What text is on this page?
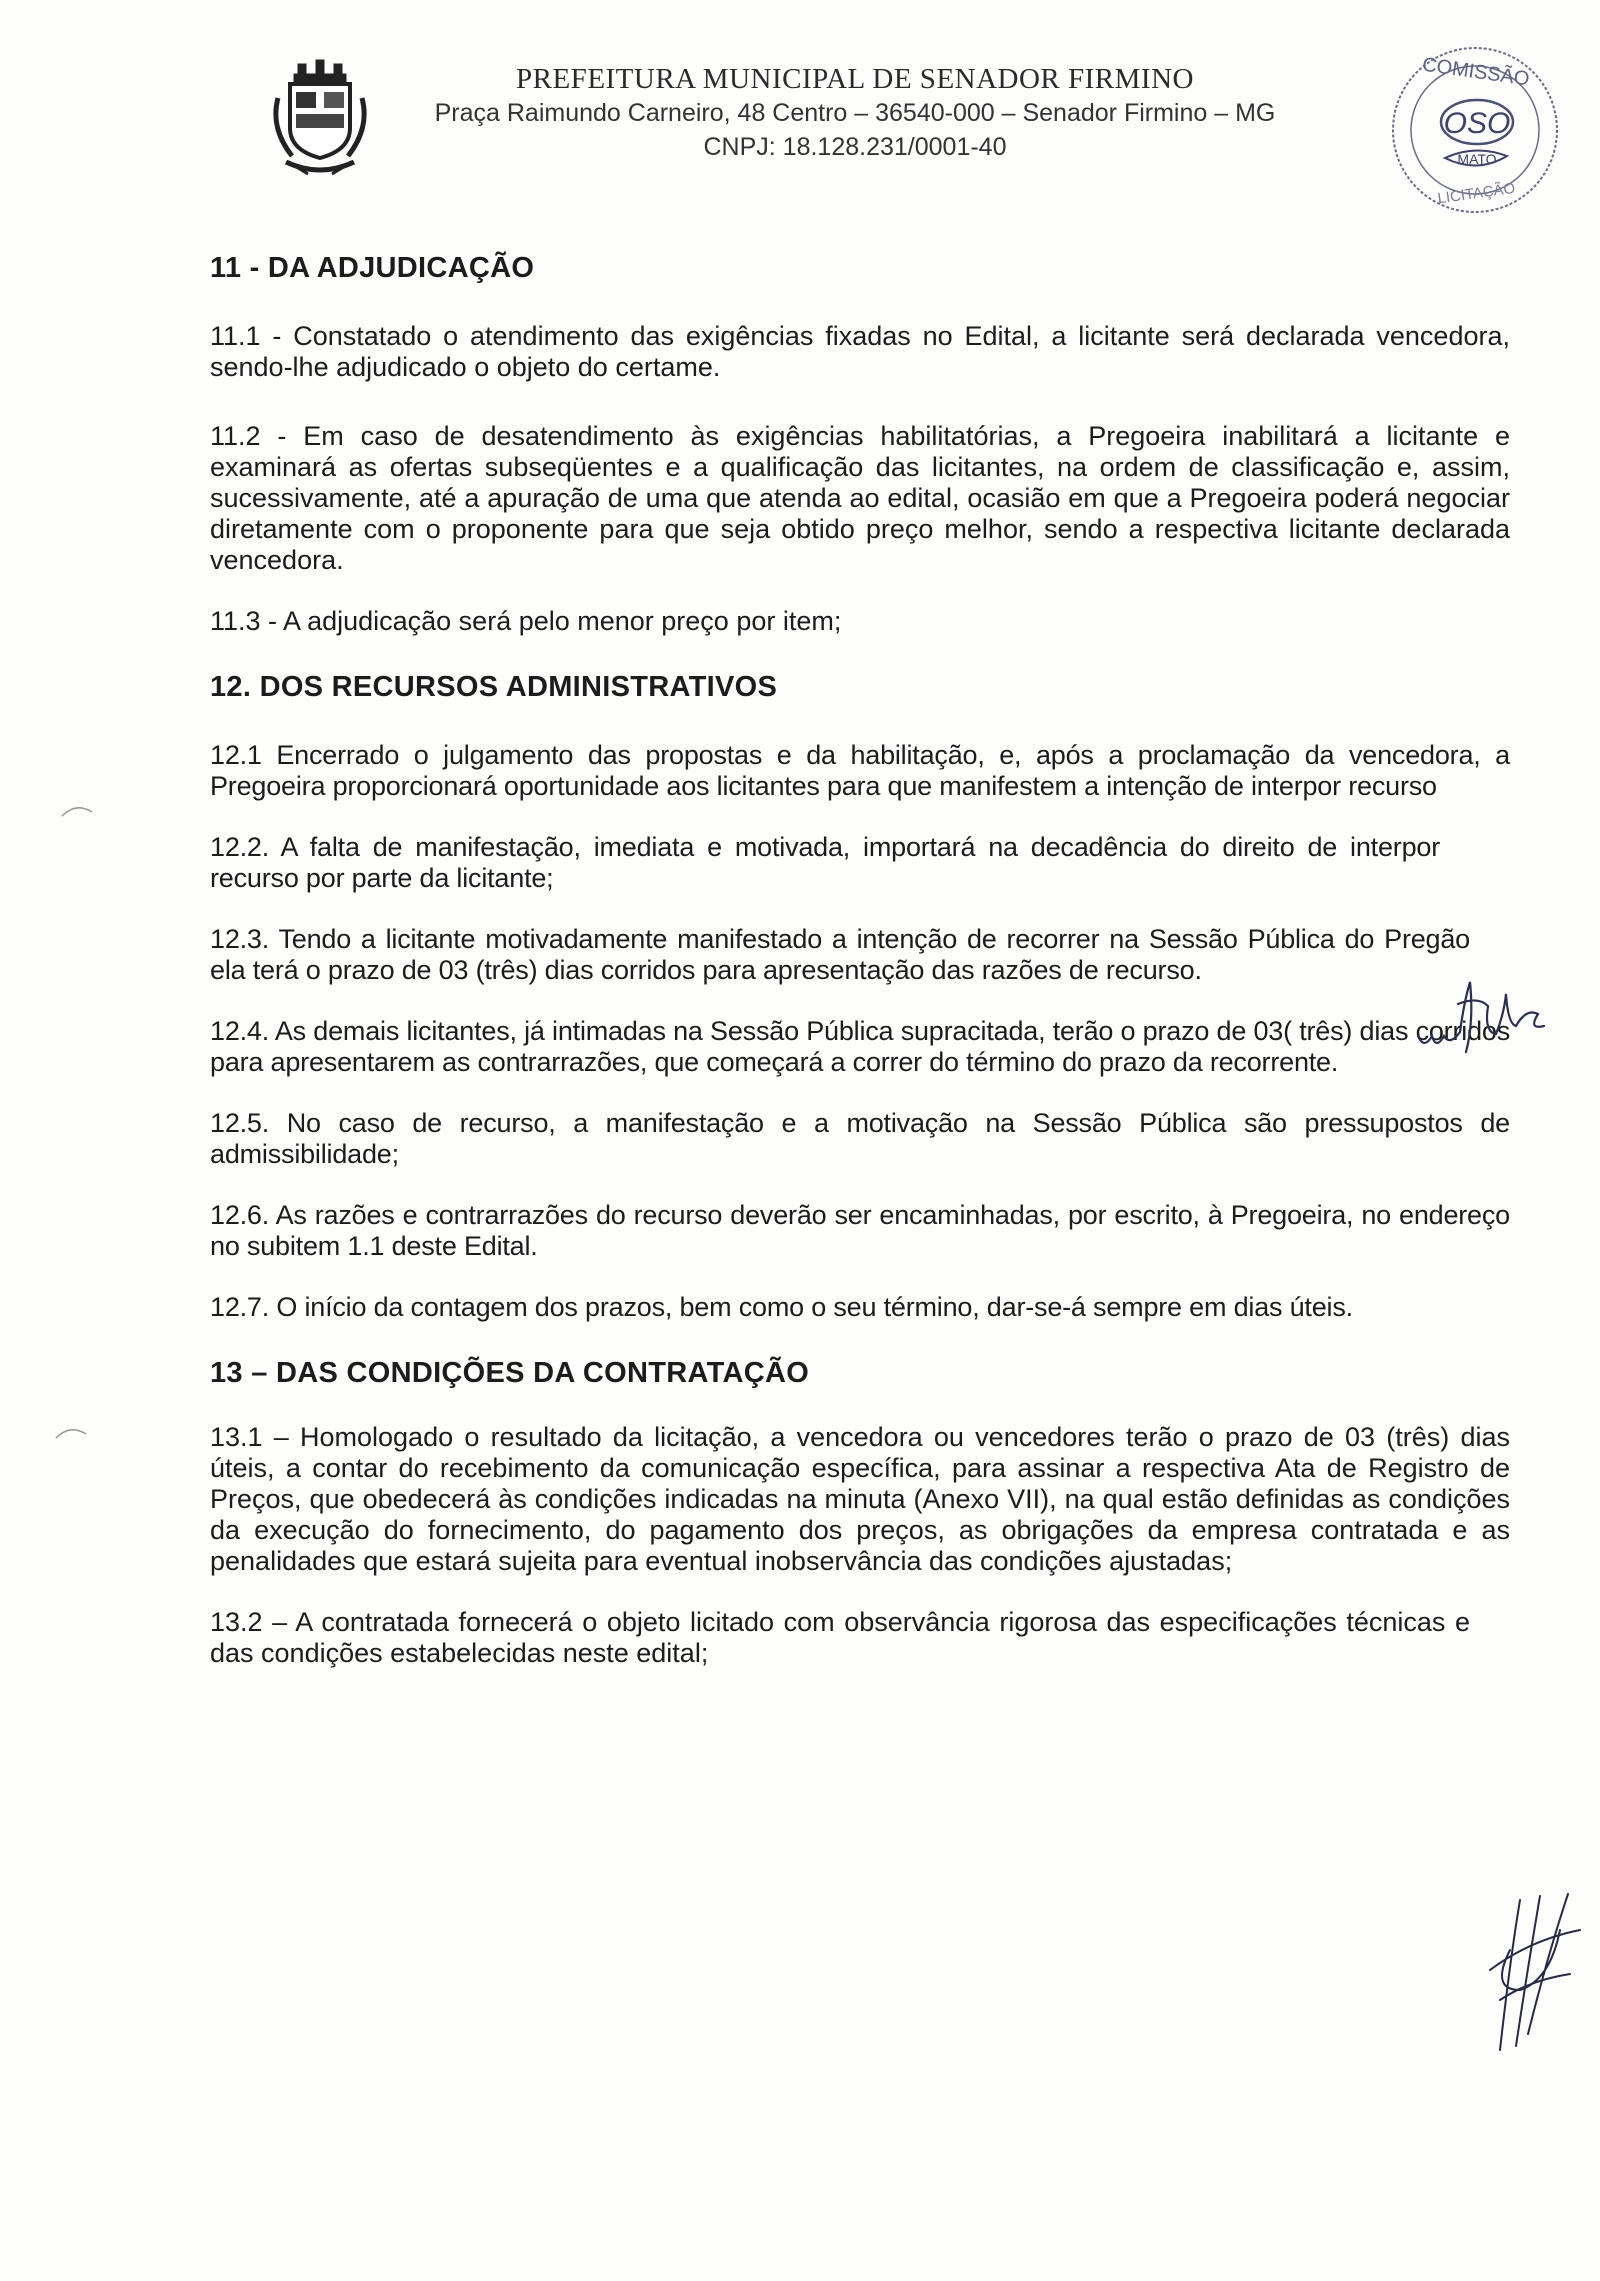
PREFEITURA MUNICIPAL DE SENADOR FIRMINO
Praça Raimundo Carneiro, 48 Centro – 36540-000 – Senador Firmino – MG
CNPJ: 18.128.231/0001-40
COMISSÃO
OSO
MATO
LICITAÇÃO
11 - DA ADJUDICAÇÃO
11.1 - Constatado o atendimento das exigências fixadas no Edital, a licitante será declarada vencedora, sendo-lhe adjudicado o objeto do certame.
11.2 - Em caso de desatendimento às exigências habilitatórias, a Pregoeira inabilitará a licitante e examinará as ofertas subseqüentes e a qualificação das licitantes, na ordem de classificação e, assim, sucessivamente, até a apuração de uma que atenda ao edital, ocasião em que a Pregoeira poderá negociar diretamente com o proponente para que seja obtido preço melhor, sendo a respectiva licitante declarada vencedora.
11.3 - A adjudicação será pelo menor preço por item;
12. DOS RECURSOS ADMINISTRATIVOS
12.1 Encerrado o julgamento das propostas e da habilitação, e, após a proclamação da vencedora, a Pregoeira proporcionará oportunidade aos licitantes para que manifestem a intenção de interpor recurso
12.2. A falta de manifestação, imediata e motivada, importará na decadência do direito de interpor recurso por parte da licitante;
12.3. Tendo a licitante motivadamente manifestado a intenção de recorrer na Sessão Pública do Pregão ela terá o prazo de 03 (três) dias corridos para apresentação das razões de recurso.
12.4. As demais licitantes, já intimadas na Sessão Pública supracitada, terão o prazo de 03( três) dias corridos para apresentarem as contrarrazões, que começará a correr do término do prazo da recorrente.
12.5. No caso de recurso, a manifestação e a motivação na Sessão Pública são pressupostos de admissibilidade;
12.6. As razões e contrarrazões do recurso deverão ser encaminhadas, por escrito, à Pregoeira, no endereço no subitem 1.1 deste Edital.
12.7. O início da contagem dos prazos, bem como o seu término, dar-se-á sempre em dias úteis.
13 – DAS CONDIÇÕES DA CONTRATAÇÃO
13.1 – Homologado o resultado da licitação, a vencedora ou vencedores terão o prazo de 03 (três) dias úteis, a contar do recebimento da comunicação específica, para assinar a respectiva Ata de Registro de Preços, que obedecerá às condições indicadas na minuta (Anexo VII), na qual estão definidas as condições da execução do fornecimento, do pagamento dos preços, as obrigações da empresa contratada e as penalidades que estará sujeita para eventual inobservância das condições ajustadas;
13.2 – A contratada fornecerá o objeto licitado com observância rigorosa das especificações técnicas e das condições estabelecidas neste edital;
